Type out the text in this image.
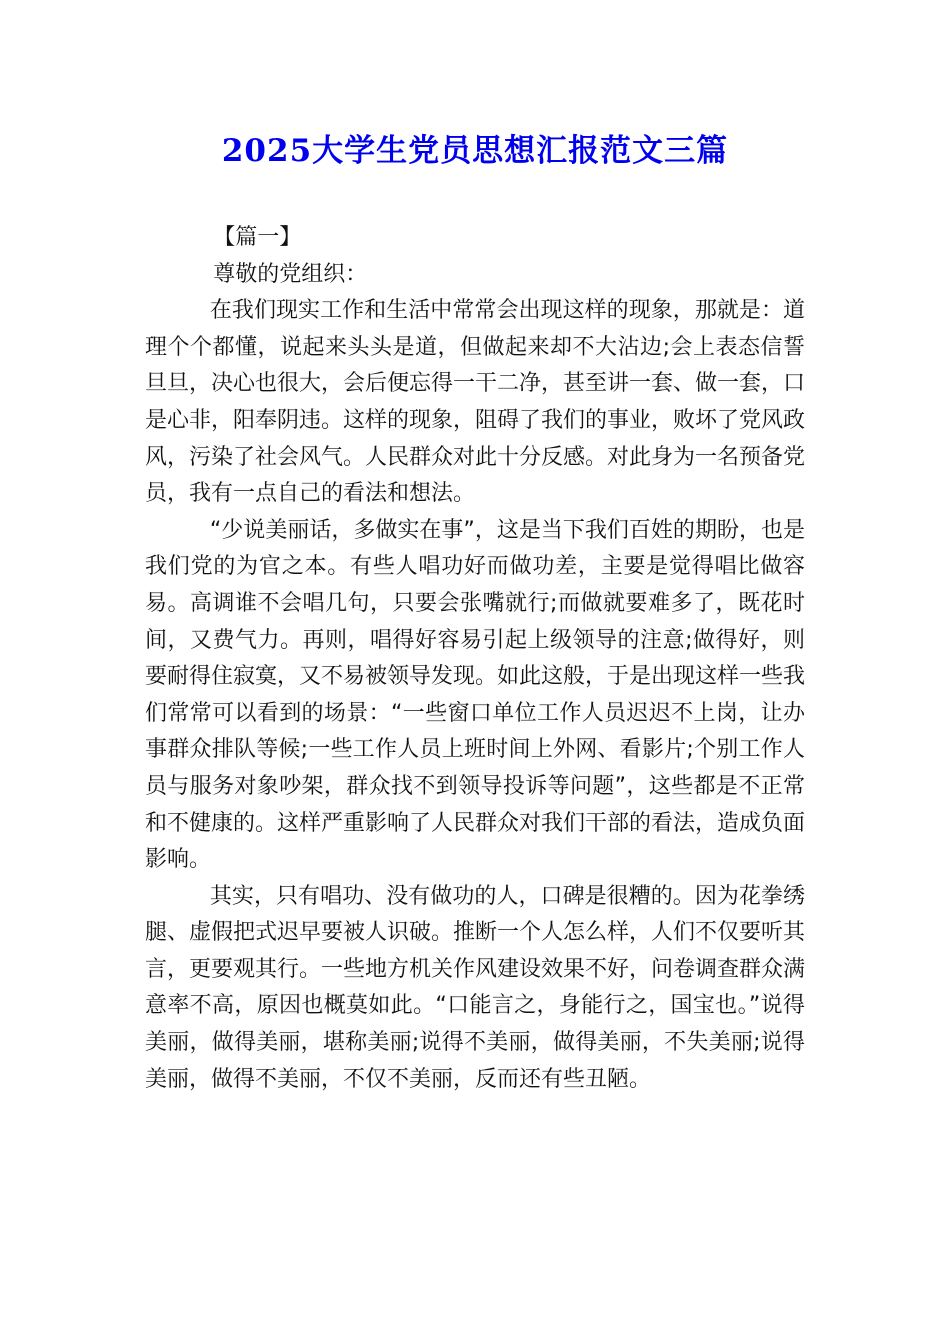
2025大学生党员思想汇报范文三篇

【篇一】

尊敬的党组织：

在我们现实工作和生活中常常会出现这样的现象，那就是：道理个个都懂，说起来头头是道，但做起来却不大沾边;会上表态信誓旦旦，决心也很大，会后便忘得一干二净，甚至讲一套、做一套，口是心非，阳奉阴违。这样的现象，阻碍了我们的事业，败坏了党风政风，污染了社会风气。人民群众对此十分反感。对此身为一名预备党员，我有一点自己的看法和想法。

“少说美丽话，多做实在事”，这是当下我们百姓的期盼，也是我们党的为官之本。有些人唱功好而做功差，主要是觉得唱比做容易。高调谁不会唱几句，只要会张嘴就行;而做就要难多了，既花时间，又费气力。再则，唱得好容易引起上级领导的注意;做得好，则要耐得住寂寞，又不易被领导发现。如此这般，于是出现这样一些我们常常可以看到的场景：“一些窗口单位工作人员迟迟不上岗，让办事群众排队等候;一些工作人员上班时间上外网、看影片;个别工作人员与服务对象吵架，群众找不到领导投诉等问题”，这些都是不正常和不健康的。这样严重影响了人民群众对我们干部的看法，造成负面影响。

其实，只有唱功、没有做功的人，口碑是很糟的。因为花拳绣腿、虚假把式迟早要被人识破。推断一个人怎么样，人们不仅要听其言，更要观其行。一些地方机关作风建设效果不好，问卷调查群众满意率不高，原因也概莫如此。“口能言之，身能行之，国宝也。”说得美丽，做得美丽，堪称美丽;说得不美丽，做得美丽，不失美丽;说得美丽，做得不美丽，不仅不美丽，反而还有些丑陋。
